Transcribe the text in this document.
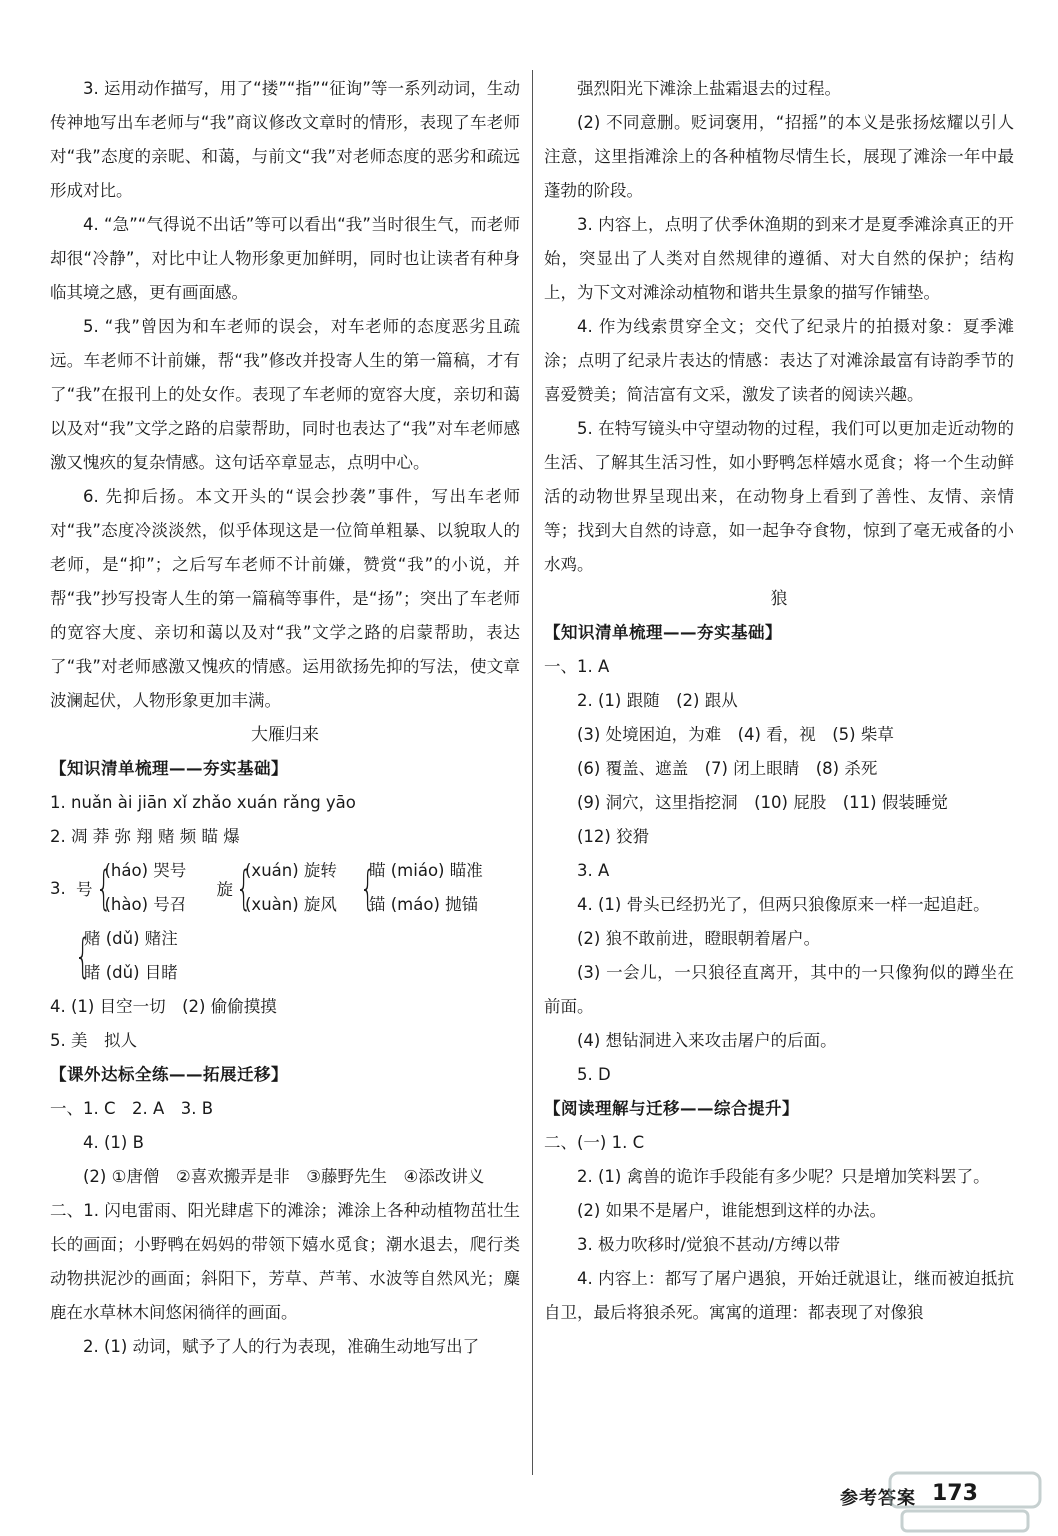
3. 运用动作描写，用了“搂”“指”“征询”等一系列动词，生动传神地写出车老师与“我”商议修改文章时的情形，表现了车老师对“我”态度的亲昵、和蔼，与前文“我”对老师态度的恶劣和疏远形成对比。
4. “急”“气得说不出话”等可以看出“我”当时很生气，而老师却很“冷静”，对比中让人物形象更加鲜明，同时也让读者有种身临其境之感，更有画面感。
5. “我”曾因为和车老师的误会，对车老师的态度恶劣且疏远。车老师不计前嫌，帮“我”修改并投寄人生的第一篇稿，才有了“我”在报刊上的处女作。表现了车老师的宽容大度，亲切和蔼以及对“我”文学之路的启蒙帮助，同时也表达了“我”对车老师感激又愧疚的复杂情感。这句话卒章显志，点明中心。
6. 先抑后扬。本文开头的“误会抄袭”事件，写出车老师对“我”态度冷淡淡然，似乎体现这是一位简单粗暴、以貌取人的老师，是“抑”；之后写车老师不计前嫌，赞赏“我”的小说，并帮“我”抄写投寄人生的第一篇稿等事件，是“扬”；突出了车老师的宽容大度、亲切和蔼以及对“我”文学之路的启蒙帮助，表达了“我”对老师感激又愧疚的情感。运用欲扬先抑的写法，使文章波澜起伏，人物形象更加丰满。
大雁归来
【知识清单梳理——夯实基础】
1. nuǎn ài jiān xǐ zhǎo xuán rǎng yāo
2. 凋 莽 弥 翔 赌 频 瞄 爆
3. 号 {
(háo) 哭号
(hào) 号召
旋 {
(xuán) 旋转
(xuàn) 旋风 {
瞄 (miáo) 瞄准
锚 (máo) 抛锚
{
赌 (dǔ) 赌注
睹 (dǔ) 目睹
4. (1) 目空一切　(2) 偷偷摸摸
5. 美　拟人
【课外达标全练——拓展迁移】
一、1. C　2. A　3. B
4. (1) B
(2) ①唐僧　②喜欢搬弄是非　③藤野先生　④添改讲义
二、1. 闪电雷雨、阳光肆虐下的滩涂；滩涂上各种动植物茁壮生长的画面；小野鸭在妈妈的带领下嬉水觅食；潮水退去，爬行类动物拱泥沙的画面；斜阳下，芳草、芦苇、水波等自然风光；麋鹿在水草林木间悠闲徜徉的画面。
2. (1) 动词，赋予了人的行为表现，准确生动地写出了
强烈阳光下滩涂上盐霜退去的过程。
(2) 不同意删。贬词褒用，“招摇”的本义是张扬炫耀以引人注意，这里指滩涂上的各种植物尽情生长，展现了滩涂一年中最蓬勃的阶段。
3. 内容上，点明了伏季休渔期的到来才是夏季滩涂真正的开始，突显出了人类对自然规律的遵循、对大自然的保护；结构上，为下文对滩涂动植物和谐共生景象的描写作铺垫。
4. 作为线索贯穿全文；交代了纪录片的拍摄对象：夏季滩涂；点明了纪录片表达的情感：表达了对滩涂最富有诗韵季节的喜爱赞美；简洁富有文采，激发了读者的阅读兴趣。
5. 在特写镜头中守望动物的过程，我们可以更加走近动物的生活、了解其生活习性，如小野鸭怎样嬉水觅食；将一个生动鲜活的动物世界呈现出来，在动物身上看到了善性、友情、亲情等；找到大自然的诗意，如一起争夺食物，惊到了毫无戒备的小水鸡。
狼
【知识清单梳理——夯实基础】
一、1. A
2. (1) 跟随　(2) 跟从
(3) 处境困迫，为难　(4) 看，视　(5) 柴草
(6) 覆盖、遮盖　(7) 闭上眼睛　(8) 杀死
(9) 洞穴，这里指挖洞　(10) 屁股　(11) 假装睡觉
(12) 狡猾
3. A
4. (1) 骨头已经扔光了，但两只狼像原来一样一起追赶。
(2) 狼不敢前进，瞪眼朝着屠户。
(3) 一会儿，一只狼径直离开，其中的一只像狗似的蹲坐在前面。
(4) 想钻洞进入来攻击屠户的后面。
5. D
【阅读理解与迁移——综合提升】
二、(一) 1. C
2. (1) 禽兽的诡诈手段能有多少呢？只是增加笑料罢了。
(2) 如果不是屠户，谁能想到这样的办法。
3. 极力吹移时/觉狼不甚动/方缚以带
4. 内容上：都写了屠户遇狼，开始迁就退让，继而被迫抵抗自卫，最后将狼杀死。寓寓的道理：都表现了对像狼
参考答案 173
